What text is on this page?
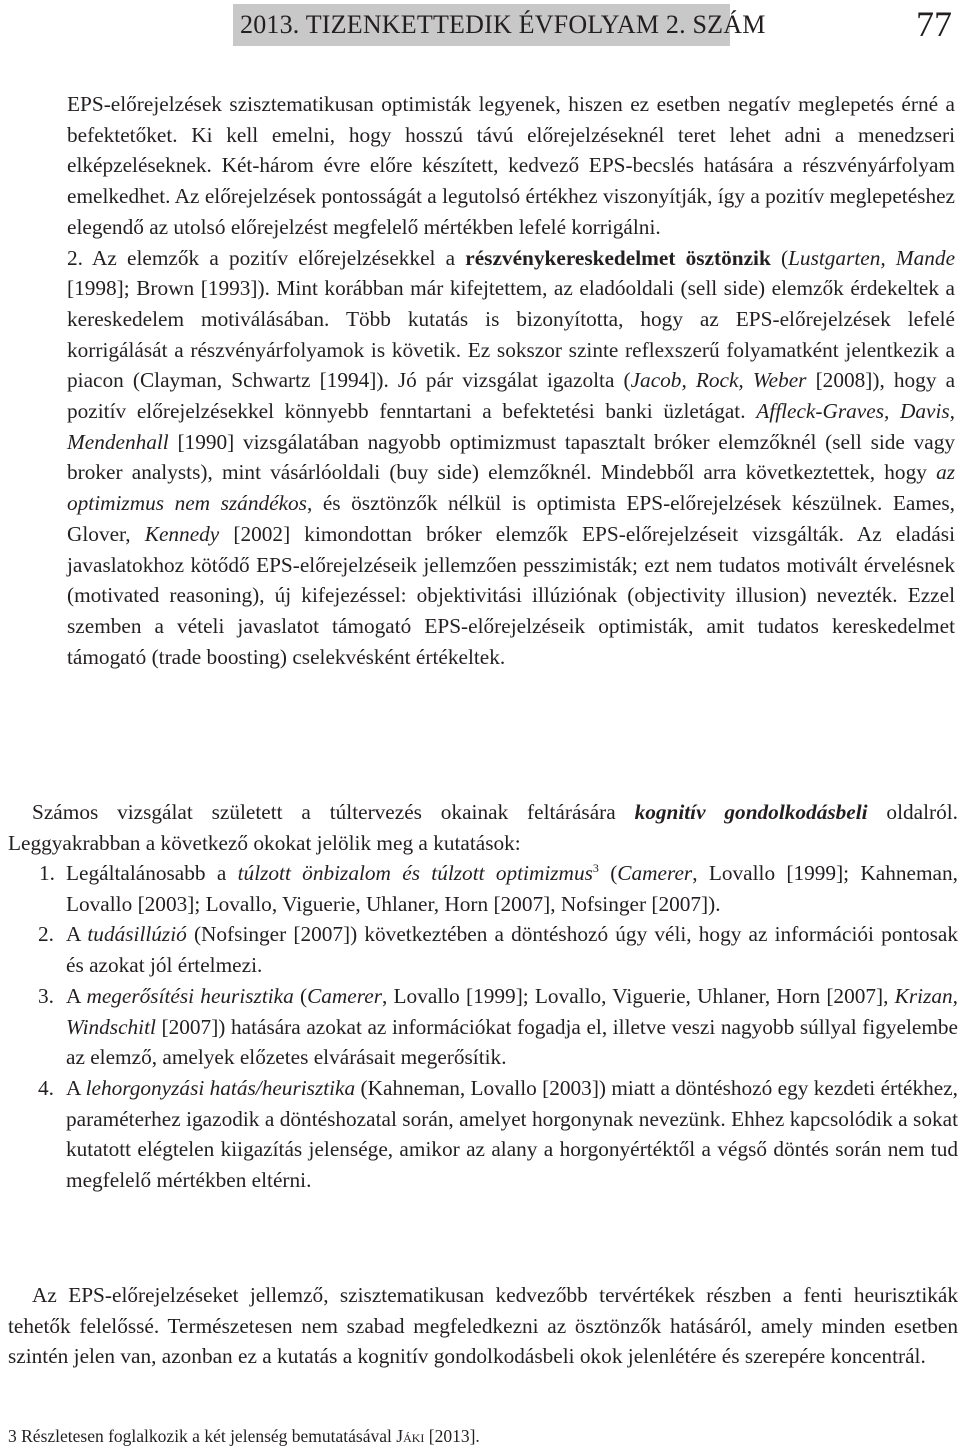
2013. TIZENKETTEDIK ÉVFOLYAM 2. SZÁM	77

EPS-előrejelzések szisztematikusan optimisták legyenek, hiszen ez esetben negatív meglepetés érné a befektetőket. Ki kell emelni, hogy hosszú távú előrejelzéseknél teret lehet adni a menedzseri elképzeléseknek. Két-három évre előre készített, kedvező EPS-becslés hatására a részvényárfolyam emelkedhet. Az előrejelzések pontosságát a legutolsó értékhez viszonyítják, így a pozitív meglepetéshez elegendő az utolsó előrejelzést megfelelő mértékben lefelé korrigálni.

2. Az elemzők a pozitív előrejelzésekkel a részvénykereskedelmet ösztönzik (Lustgarten, Mande [1998]; Brown [1993]). Mint korábban már kifejtettem, az eladóoldali (sell side) elemzők érdekeltek a kereskedelem motiválásában. Több kutatás is bizonyította, hogy az EPS-előrejelzések lefelé korrigálását a részvényárfolyamok is követik. Ez sokszor szinte reflexszerű folyamatként jelentkezik a piacon (Clayman, Schwartz [1994]). Jó pár vizsgálat igazolta (Jacob, Rock, Weber [2008]), hogy a pozitív előrejelzésekkel könnyebb fenntartani a befektetési banki üzletágat. Affleck-Graves, Davis, Mendenhall [1990] vizsgálatában nagyobb optimizmust tapasztalt bróker elemzőknél (sell side vagy broker analysts), mint vásárlóoldali (buy side) elemzőknél. Mindebből arra következtettek, hogy az optimizmus nem szándékos, és ösztönzők nélkül is optimista EPS-előrejelzések készülnek. Eames, Glover, Kennedy [2002] kimondottan bróker elemzők EPS-előrejelzéseit vizsgálták. Az eladási javaslatokhoz kötődő EPS-előrejelzéseik jellemzően pesszimisták; ezt nem tudatos motivált érvelésnek (motivated reasoning), új kifejezéssel: objektivitási illúziónak (objectivity illusion) nevezték. Ezzel szemben a vételi javaslatot támogató EPS-előrejelzéseik optimisták, amit tudatos kereskedelmet támogató (trade boosting) cselekvésként értékeltek.

Számos vizsgálat született a túltervezés okainak feltárására kognitív gondolkodásbeli oldalról. Leggyakrabban a következő okokat jelölik meg a kutatások:

1. Legáltalánosabb a túlzott önbizalom és túlzott optimizmus$^3$ (Camerer, Lovallo [1999]; Kahneman, Lovallo [2003]; Lovallo, Viguerie, Uhlaner, Horn [2007], Nofsinger [2007]).
2. A tudásillúzió (Nofsinger [2007]) következtében a döntéshozó úgy véli, hogy az információi pontosak és azokat jól értelmezi.
3. A megerősítési heurisztika (Camerer, Lovallo [1999]; Lovallo, Viguerie, Uhlaner, Horn [2007], Krizan, Windschitl [2007]) hatására azokat az információkat fogadja el, illetve veszi nagyobb súllyal figyelembe az elemző, amelyek előzetes elvárásait megerősítik.
4. A lehorgonyzási hatás/heurisztika (Kahneman, Lovallo [2003]) miatt a döntéshozó egy kezdeti értékhez, paraméterhez igazodik a döntéshozatal során, amelyet horgonynak nevezünk. Ehhez kapcsolódik a sokat kutatott elégtelen kiigazítás jelensége, amikor az alany a horgonyértéktől a végső döntés során nem tud megfelelő mértékben eltérni.

Az EPS-előrejelzéseket jellemző, szisztematikusan kedvezőbb tervértékek részben a fenti heurisztikák tehetők felelőssé. Természetesen nem szabad megfeledkezni az ösztönzők hatásáról, amely minden esetben szintén jelen van, azonban ez a kutatás a kognitív gondolkodásbeli okok jelenlétére és szerepére koncentrál.

3 Részletesen foglalkozik a két jelenség bemutatásával Jáki [2013].
